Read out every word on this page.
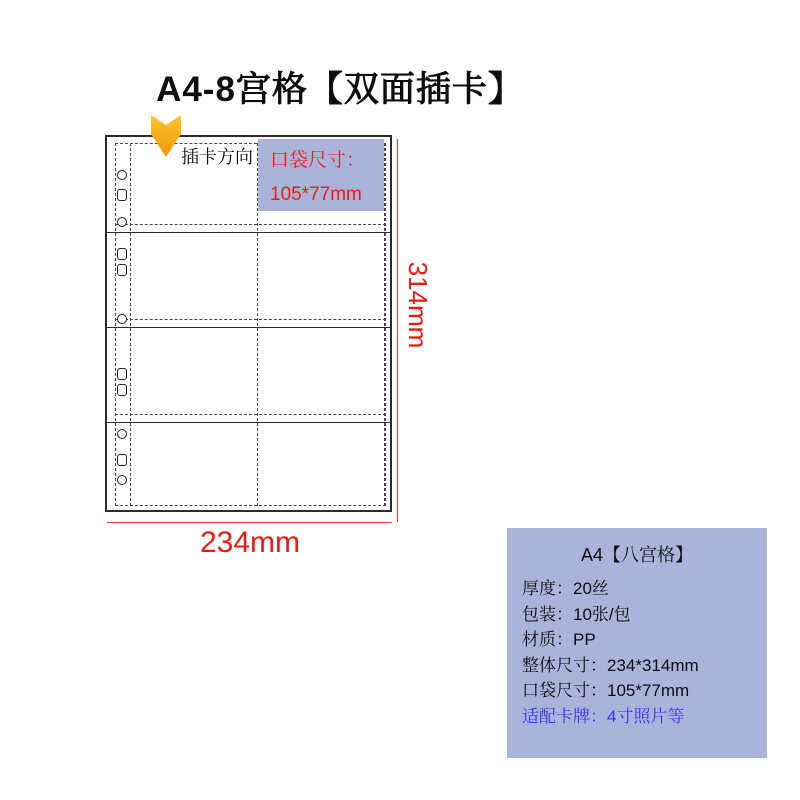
A4-8宫格【双面插卡】
口袋尺寸：
105*77mm
插卡方向
314mm
234mm	A4【八宫格】
厚度：20丝
包装：10张/包
材质：PP
整体尺寸：234*314mm
口袋尺寸：105*77mm
适配卡牌：4寸照片等
